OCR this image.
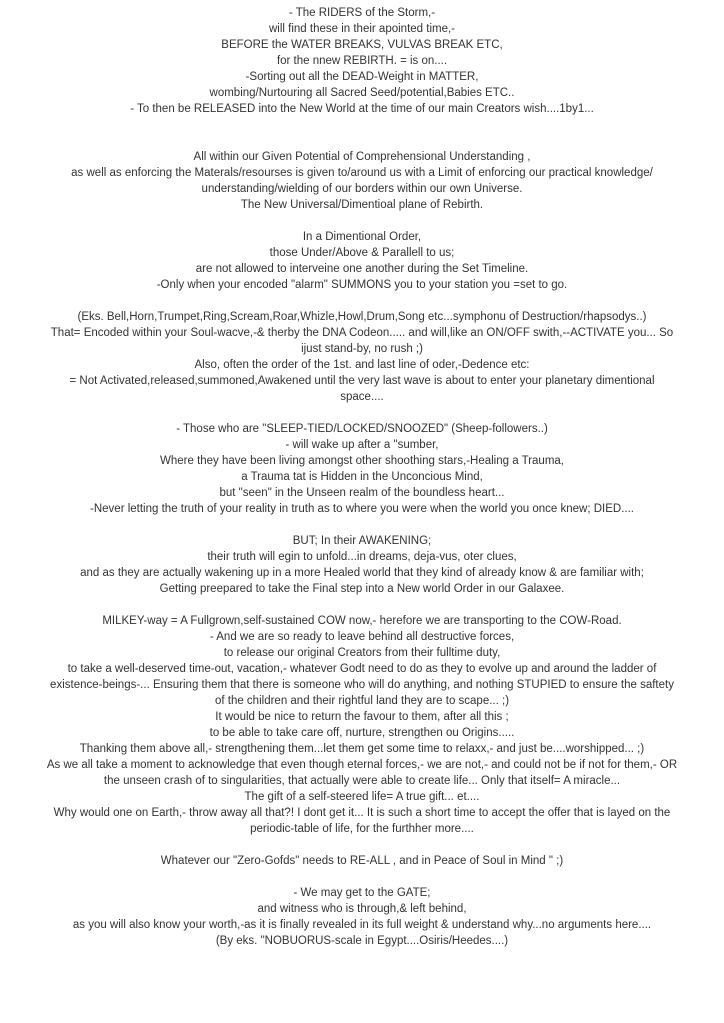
- The RIDERS of the Storm,-
will find these in their apointed time,-
BEFORE the WATER BREAKS, VULVAS BREAK ETC,
for the nnew REBIRTH. = is on....
-Sorting out all the DEAD-Weight in MATTER,
wombing/Nurtouring all Sacred Seed/potential,Babies ETC..
- To then be RELEASED into the New World at the time of our main Creators wish....1by1...
All within our Given Potential of Comprehensional Understanding ,
as well as enforcing the Materals/resourses is given to/around us with a Limit of enforcing our practical knowledge/
understanding/wielding of our borders within our own Universe.
The New Universal/Dimentioal plane of Rebirth.
In a Dimentional Order,
those Under/Above & Parallell to us;
are not allowed to interveine one another during the Set Timeline.
-Only when your encoded "alarm" SUMMONS you to your station you =set to go.
(Eks. Bell,Horn,Trumpet,Ring,Scream,Roar,Whizle,Howl,Drum,Song etc...symphonu of Destruction/rhapsodys..)
That= Encoded within your Soul-wacve,-& therby the DNA Codeon..... and will,like an ON/OFF swith,--ACTIVATE you... So
ijust stand-by, no rush ;)
Also, often the order of the 1st. and last line of oder,-Dedence etc:
= Not Activated,released,summoned,Awakened until the very last wave is about to enter your planetary dimentional
space....
- Those who are "SLEEP-TIED/LOCKED/SNOOZED" (Sheep-followers..)
- will wake up after a "sumber,
Where they have been living amongst other shoothing stars,-Healing a Trauma,
a Trauma tat is Hidden in the Unconcious Mind,
but "seen" in the Unseen realm of the boundless heart...
-Never letting the truth of your reality in truth as to where you were when the world you once knew; DIED....
BUT; In their AWAKENING;
their truth will egin to unfold...in dreams, deja-vus, oter clues,
and as they are actually wakening up in a more Healed world that they kind of already know & are familiar with;
Getting preepared to take the Final step into a New world Order in our Galaxee.
MILKEY-way = A Fullgrown,self-sustained COW now,- herefore we are transporting to the COW-Road.
- And we are so ready to leave behind all destructive forces,
to release our original Creators from their fulltime duty,
to take a well-deserved time-out, vacation,- whatever Godt need to do as they to evolve up and around the ladder of
existence-beings-... Ensuring them that there is someone who will do anything, and nothing STUPIED to ensure the saftety
of the children and their rightful land they are to scape... ;)
It would be nice to return the favour to them, after all this ;
to be able to take care off, nurture, strengthen ou Origins.....
Thanking them above all,- strengthening them...let them get some time to relaxx,- and just be....worshipped... ;)
As we all take a moment to acknowledge that even though eternal forces,- we are not,- and could not be if not for them,- OR
the unseen crash of to singularities, that actually were able to create life... Only that itself= A miracle...
The gift of a self-steered life= A true gift... et....
Why would one on Earth,- throw away all that?! I dont get it... It is such a short time to accept the offer that is layed on the
periodic-table of life, for the furthher more....
Whatever our "Zero-Gofds" needs to RE-ALL , and in Peace of Soul in Mind " ;)
- We may get to the GATE;
and witness who is through,& left behind,
as you will also know your worth,-as it is finally revealed in its full weight & understand why...no arguments here....
(By eks. "NOBUORUS-scale in Egypt....Osiris/Heedes....)
